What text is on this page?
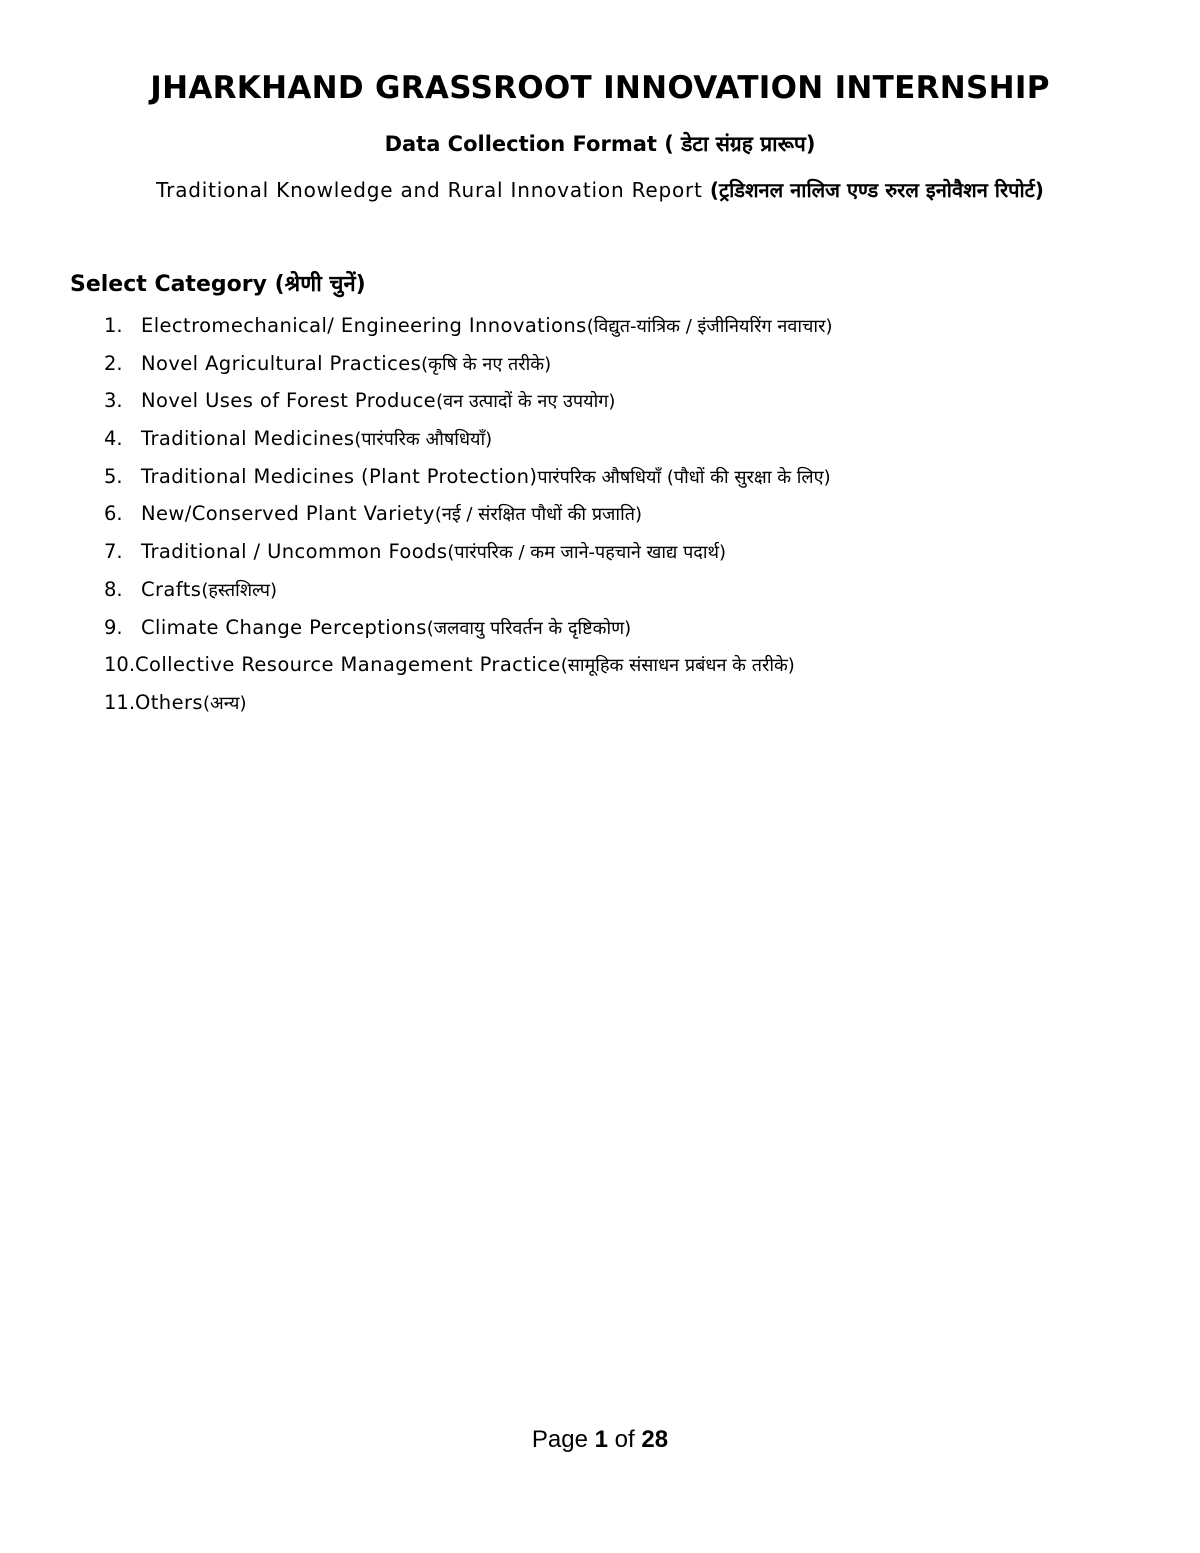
JHARKHAND GRASSROOT INNOVATION INTERNSHIP
Data Collection Format ( डेटा संग्रह प्रारूप)

Traditional Knowledge and Rural Innovation Report (ट्रडिशनल नालिज एण्ड रुरल इनोवैशन रिपोर्ट)

Select Category (श्रेणी चुनें)
1. Electromechanical/ Engineering Innovations (विद्युत-यांत्रिक / इंजीनियरिंग नवाचार)
2. Novel Agricultural Practices (कृषि के नए तरीके)
3. Novel Uses of Forest Produce (वन उत्पादों के नए उपयोग)
4. Traditional Medicines (पारंपरिक औषधियाँ)
5. Traditional Medicines (Plant Protection) पारंपरिक औषधियाँ (पौधों की सुरक्षा के लिए)
6. New/Conserved Plant Variety (नई / संरक्षित पौधों की प्रजाति)
7. Traditional / Uncommon Foods (पारंपरिक / कम जाने-पहचाने खाद्य पदार्थ)
8. Crafts (हस्तशिल्प)
9. Climate Change Perceptions (जलवायु परिवर्तन के दृष्टिकोण)
10. Collective Resource Management Practice (सामूहिक संसाधन प्रबंधन के तरीके)
11. Others (अन्य)

Page 1 of 28
